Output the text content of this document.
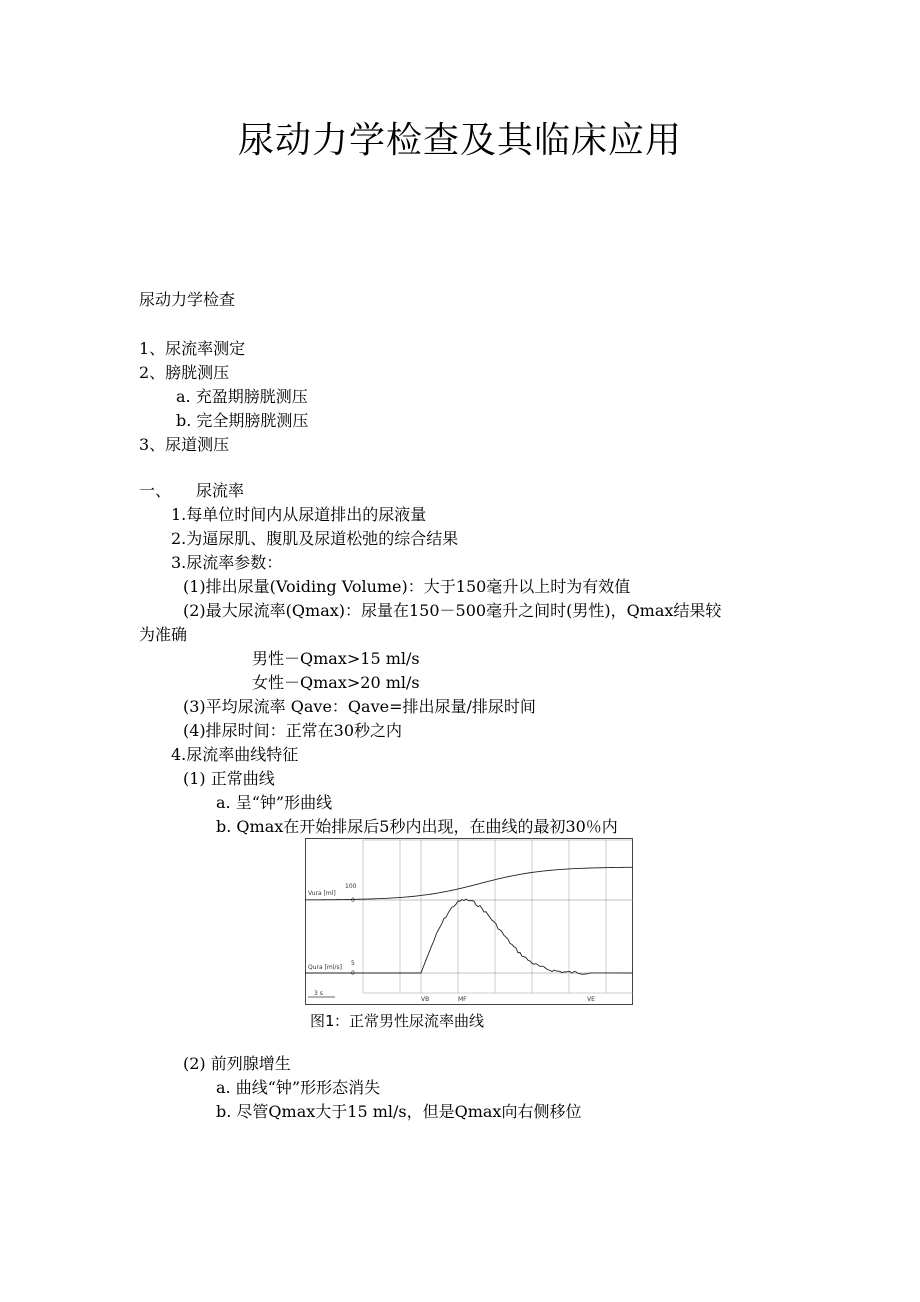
尿动力学检查及其临床应用
尿动力学检查
1、尿流率测定
2、膀胱测压
a. 充盈期膀胱测压
b. 完全期膀胱测压
3、尿道测压
一、 尿流率
1.每单位时间内从尿道排出的尿液量
2.为逼尿肌、腹肌及尿道松弛的综合结果
3.尿流率参数：
(1)排出尿量(Voiding Volume)：大于150毫升以上时为有效值
(2)最大尿流率(Qmax)：尿量在150－500毫升之间时(男性)，Qmax结果较
为准确
男性－Qmax>15 ml/s
女性－Qmax>20 ml/s
(3)平均尿流率 Qave：Qave=排出尿量/排尿时间
(4)排尿时间：正常在30秒之内
4.尿流率曲线特征
(1) 正常曲线
a. 呈“钟”形曲线
b. Qmax在开始排尿后5秒内出现，在曲线的最初30％内
Vura [ml]
Qura [ml/s]
100
0
5
0
3 s
VB	MF	VE
图1：正常男性尿流率曲线
(2) 前列腺增生
a. 曲线“钟”形形态消失
b. 尽管Qmax大于15 ml/s，但是Qmax向右侧移位
